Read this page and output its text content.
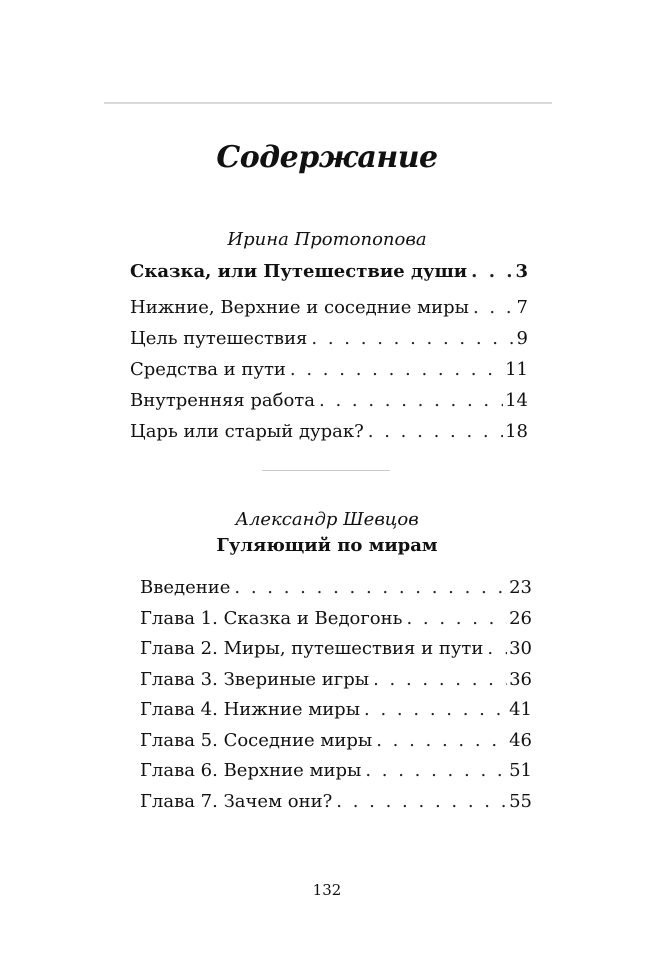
Содержание
Ирина Протопопова
Сказка, или Путешествие души . . .	3
Нижние, Верхние и соседние миры . . .	7
Цель путешествия . . .	9
Средства и пути . . .	11
Внутренняя работа . . .	14
Царь или старый дурак? . . .	18
Александр Шевцов
Гуляющий по мирам
Введение . . .	23
Глава 1. Сказка и Ведогонь . . .	26
Глава 2. Миры, путешествия и пути . . . 30
Глава 3. Звериные игры . . .	36
Глава 4. Нижние миры . . .	41
Глава 5. Соседние миры . . .	46
Глава 6. Верхние миры . . .	51
Глава 7. Зачем они? . . .	55
132
